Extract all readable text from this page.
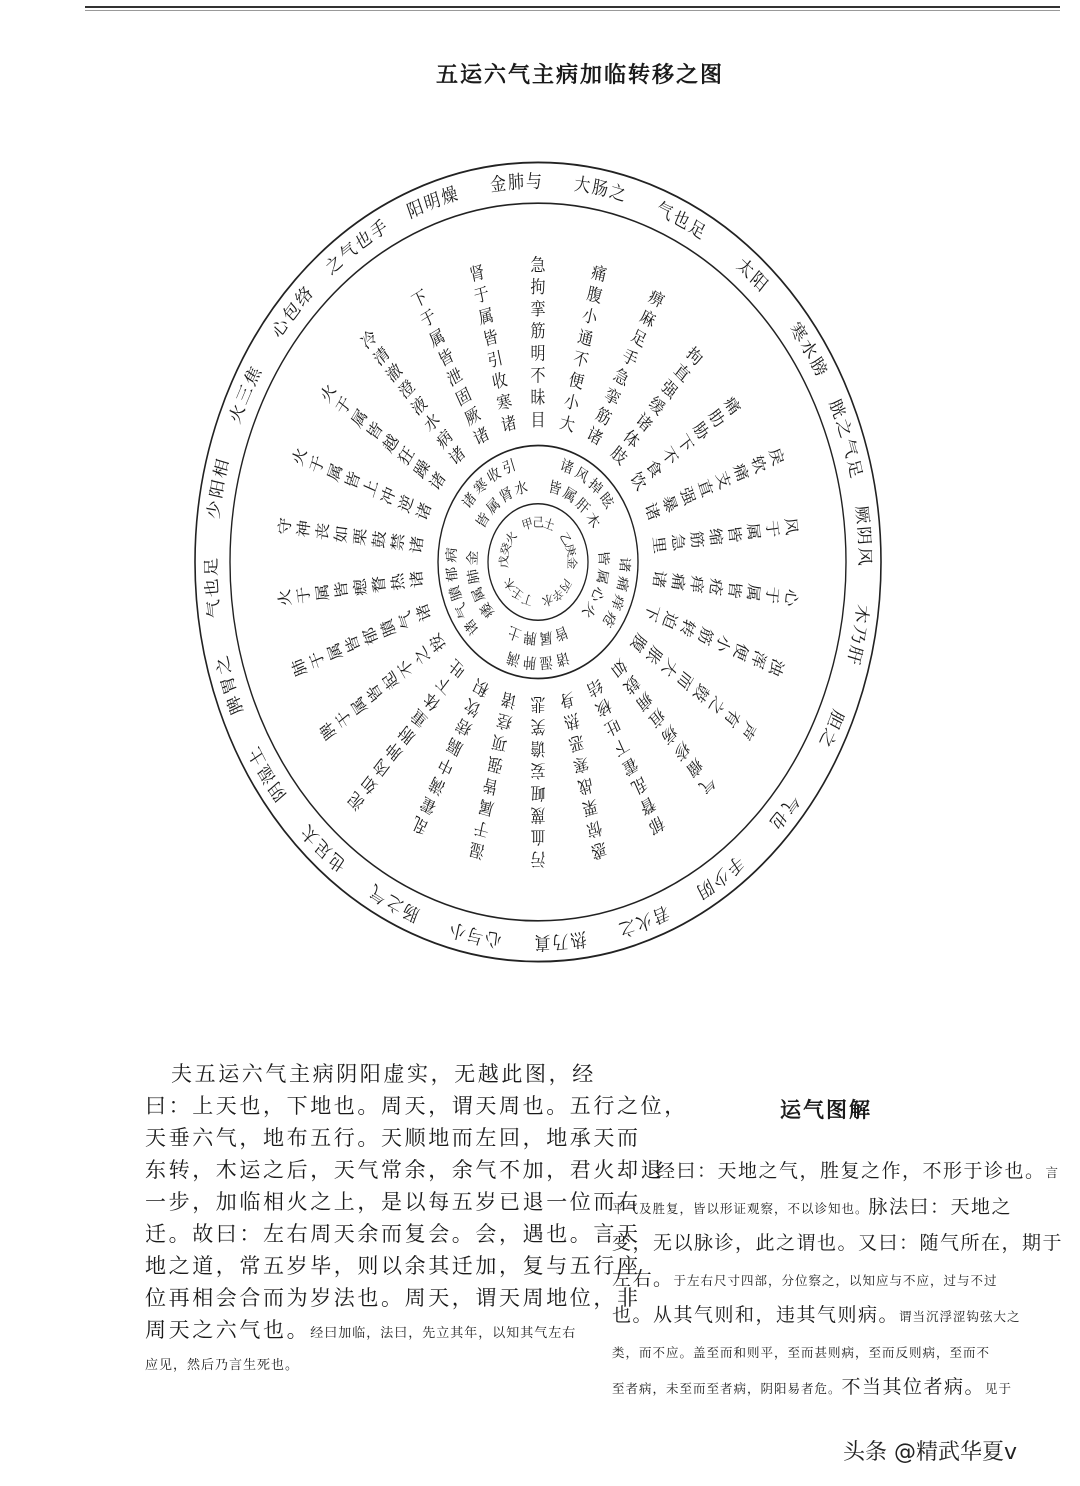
五运六气主病加临转移之图
金肺与 大肠之
气也足
太阳
寒水膀
胱之气足
厥阴风
木乃肝
胆之
气也
手少阴
君火之
热乃真
心与小
肠之气
也足太
阴湿土
脾胃之
气也足
少阳相
火三焦
心包络
之气也手
阳明燥
目
昧
不
明
筋
挛
拘
急
大
小
便
不
通
小
腹
痛
诸
筋
挛
急
手
足
麻
痹
肢
体
诸
缓
强
直
拘
饮
食
不
下
胁
肋
痛
诸
暴
强
直
支
痛
软
戾
里 急 筋 缩 皆 属 于 风
诸 痛 痒 疮 皆 属 于 心
下
迫
转
筋
小
便
浑
浊
腹
胀
大
而
鼓
之
有
声
如
鼓
痈
疽
疡
疹
瘤
气
结
核
吐
下
霍
乱
瞀
郁
身
热
恶
寒
战
栗
惊
惑
悲
笑
谵
妄
衄
蔑
血
污
诸
痉
项
强
皆
属
于
湿
积
饮
痞
膈
中
满
霍
乱
吐
下
体
重
胕
肿
肉
如
泥
按
之
不
起
皆
属
于
脾
诸
气
膹
郁
皆
属
于
肺
诸
热
瞀
瘛
皆
属
于
火
诸
禁
鼓
栗
如
丧
神
守
诸
逆
冲
上
皆
属
于
火
诸
躁
狂
越
皆
属
于
火
诸
病
水
液
澄
澈
清
冷
诸
厥
固
泄
皆
属
于
下
诸
寒
收
引
皆
属
于
肾
诸
风
掉
眩
皆
属
肝
木
诸
痛
痒
疮
皆
属
心
火
诸
湿
肿
满
皆
属
脾
土
诸
气
膹
郁
病
痿
属
肺
金
诸
寒
收
引
皆
属
肾
水
甲己土
乙庚金
丙辛水
丁壬木
戊癸火
夫五运六气主病阴阳虚实，无越此图，经
曰：上天也，下地也。周天，谓天周也。五行之位，
天垂六气，地布五行。天顺地而左回，地承天而
东转，木运之后，天气常余，余气不加，君火却退
一步，加临相火之上，是以每五岁已退一位而右
迁。故曰：左右周天余而复会。会，遇也。言天
地之道，常五岁毕，则以余其迁加，复与五行座
位再相会合而为岁法也。周天，谓天周地位，非
周天之六气也。经曰加临，法曰，先立其年，以知其气左右
应见，然后乃言生死也。
运气图解
经曰：天地之气，胜复之作，不形于诊也。言
平气及胜复，皆以形证观察，不以诊知也。脉法曰：天地之
变，无以脉诊，此之谓也。又曰：随气所在，期于
左右。于左右尺寸四部，分位察之，以知应与不应，过与不过
也。从其气则和，违其气则病。谓当沉浮涩钩弦大之
类，而不应。盖至而和则平，至而甚则病，至而反则病，至而不
至者病，未至而至者病，阴阳易者危。不当其位者病。见于
头条 @精武华夏v
